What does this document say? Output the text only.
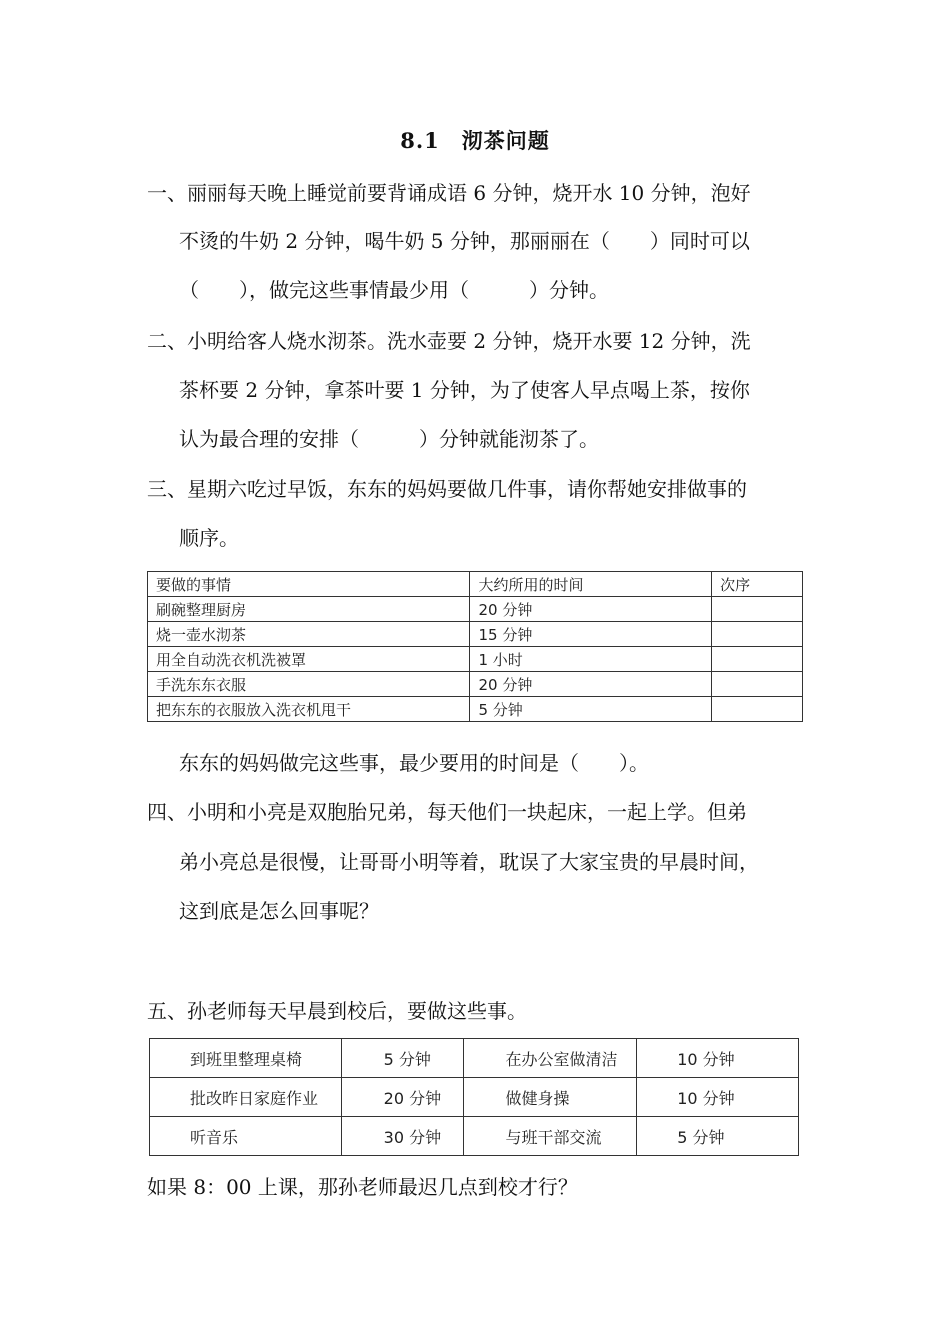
8.1　沏茶问题
一、丽丽每天晚上睡觉前要背诵成语 6 分钟，烧开水 10 分钟，泡好
不烫的牛奶 2 分钟，喝牛奶 5 分钟，那丽丽在（　　）同时可以
（　　），做完这些事情最少用（　　　）分钟。
二、小明给客人烧水沏茶。洗水壶要 2 分钟，烧开水要 12 分钟，洗
茶杯要 2 分钟，拿茶叶要 1 分钟，为了使客人早点喝上茶，按你
认为最合理的安排（　　　）分钟就能沏茶了。
三、星期六吃过早饭，东东的妈妈要做几件事，请你帮她安排做事的
顺序。
要做的事情	大约所用的时间	次序
刷碗整理厨房	20 分钟	
烧一壶水沏茶	15 分钟	
用全自动洗衣机洗被罩	1 小时	
手洗东东衣服	20 分钟	
把东东的衣服放入洗衣机甩干	5 分钟	
东东的妈妈做完这些事，最少要用的时间是（　　）。
四、小明和小亮是双胞胎兄弟，每天他们一块起床，一起上学。但弟
弟小亮总是很慢，让哥哥小明等着，耽误了大家宝贵的早晨时间，
这到底是怎么回事呢？
五、孙老师每天早晨到校后，要做这些事。
到班里整理桌椅	5 分钟	在办公室做清洁	10 分钟
批改昨日家庭作业	20 分钟	做健身操	10 分钟
听音乐	30 分钟	与班干部交流	5 分钟
如果 8：00 上课，那孙老师最迟几点到校才行？
